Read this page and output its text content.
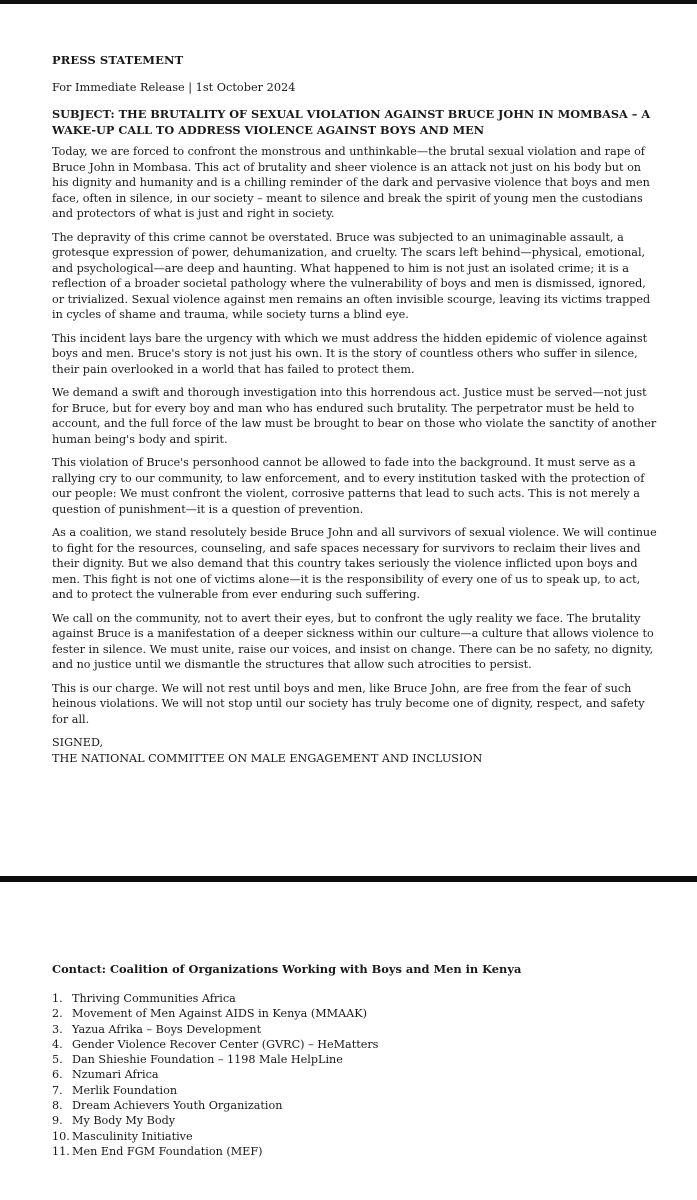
PRESS STATEMENT
For Immediate Release | 1st October 2024
SUBJECT: THE BRUTALITY OF SEXUAL VIOLATION AGAINST BRUCE JOHN IN MOMBASA – A WAKE-UP CALL TO ADDRESS VIOLENCE AGAINST BOYS AND MEN
Today, we are forced to confront the monstrous and unthinkable—the brutal sexual violation and rape of Bruce John in Mombasa. This act of brutality and sheer violence is an attack not just on his body but on his dignity and humanity and is a chilling reminder of the dark and pervasive violence that boys and men face, often in silence, in our society – meant to silence and break the spirit of young men the custodians and protectors of what is just and right in society.
The depravity of this crime cannot be overstated. Bruce was subjected to an unimaginable assault, a grotesque expression of power, dehumanization, and cruelty. The scars left behind—physical, emotional, and psychological—are deep and haunting. What happened to him is not just an isolated crime; it is a reflection of a broader societal pathology where the vulnerability of boys and men is dismissed, ignored, or trivialized. Sexual violence against men remains an often invisible scourge, leaving its victims trapped in cycles of shame and trauma, while society turns a blind eye.
This incident lays bare the urgency with which we must address the hidden epidemic of violence against boys and men. Bruce's story is not just his own. It is the story of countless others who suffer in silence, their pain overlooked in a world that has failed to protect them.
We demand a swift and thorough investigation into this horrendous act. Justice must be served—not just for Bruce, but for every boy and man who has endured such brutality. The perpetrator must be held to account, and the full force of the law must be brought to bear on those who violate the sanctity of another human being's body and spirit.
This violation of Bruce's personhood cannot be allowed to fade into the background. It must serve as a rallying cry to our community, to law enforcement, and to every institution tasked with the protection of our people: We must confront the violent, corrosive patterns that lead to such acts. This is not merely a question of punishment—it is a question of prevention.
As a coalition, we stand resolutely beside Bruce John and all survivors of sexual violence. We will continue to fight for the resources, counseling, and safe spaces necessary for survivors to reclaim their lives and their dignity. But we also demand that this country takes seriously the violence inflicted upon boys and men. This fight is not one of victims alone—it is the responsibility of every one of us to speak up, to act, and to protect the vulnerable from ever enduring such suffering.
We call on the community, not to avert their eyes, but to confront the ugly reality we face. The brutality against Bruce is a manifestation of a deeper sickness within our culture—a culture that allows violence to fester in silence. We must unite, raise our voices, and insist on change. There can be no safety, no dignity, and no justice until we dismantle the structures that allow such atrocities to persist.
This is our charge. We will not rest until boys and men, like Bruce John, are free from the fear of such heinous violations. We will not stop until our society has truly become one of dignity, respect, and safety for all.
SIGNED,
THE NATIONAL COMMITTEE ON MALE ENGAGEMENT AND INCLUSION
Contact: Coalition of Organizations Working with Boys and Men in Kenya
1. Thriving Communities Africa
2. Movement of Men Against AIDS in Kenya (MMAAK)
3. Yazua Afrika – Boys Development
4. Gender Violence Recover Center (GVRC) – HeMatters
5. Dan Shieshie Foundation – 1198 Male HelpLine
6. Nzumari Africa
7. Merlik Foundation
8. Dream Achievers Youth Organization
9. My Body My Body
10. Masculinity Initiative
11. Men End FGM Foundation (MEF)
